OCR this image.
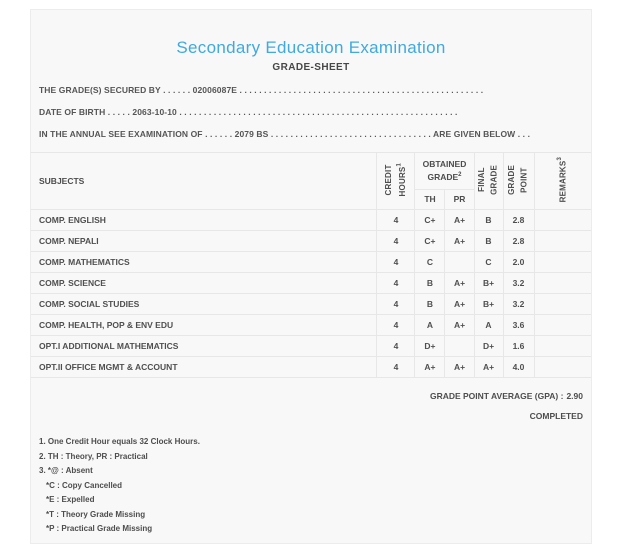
Secondary Education Examination
GRADE-SHEET
THE GRADE(S) SECURED BY . . . . . . 02006087E . . . . . . . . . . . . . . . . . . . . . . . . . . . . . . . . . . . . . . . . . . . . . . . . . .
DATE OF BIRTH . . . . . 2063-10-10 . . . . . . . . . . . . . . . . . . . . . . . . . . . . . . . . . . . . . . . . . . . . . . . . . . . . . . . . .
IN THE ANNUAL SEE EXAMINATION OF . . . . . . 2079 BS . . . . . . . . . . . . . . . . . . . . . . . . . . . . . . . . . ARE GIVEN BELOW . . .
SUBJECTS	CREDIT HOURS$^1$	OBTAINED GRADE$^2$		FINAL GRADE	GRADE POINT	REMARKS$^3$
		TH	PR			
COMP. ENGLISH	4	C+	A+	B	2.8	
COMP. NEPALI	4	C+	A+	B	2.8	
COMP. MATHEMATICS	4	C		C	2.0	
COMP. SCIENCE	4	B	A+	B+	3.2	
COMP. SOCIAL STUDIES	4	B	A+	B+	3.2	
COMP. HEALTH, POP & ENV EDU	4	A	A+	A	3.6	
OPT.I ADDITIONAL MATHEMATICS	4	D+		D+	1.6	
OPT.II OFFICE MGMT & ACCOUNT	4	A+	A+	A+	4.0	
GRADE POINT AVERAGE (GPA) : 2.90
COMPLETED
1. One Credit Hour equals 32 Clock Hours.
2. TH : Theory, PR : Practical
3. *@ : Absent
*C : Copy Cancelled
*E : Expelled
*T : Theory Grade Missing
*P : Practical Grade Missing
